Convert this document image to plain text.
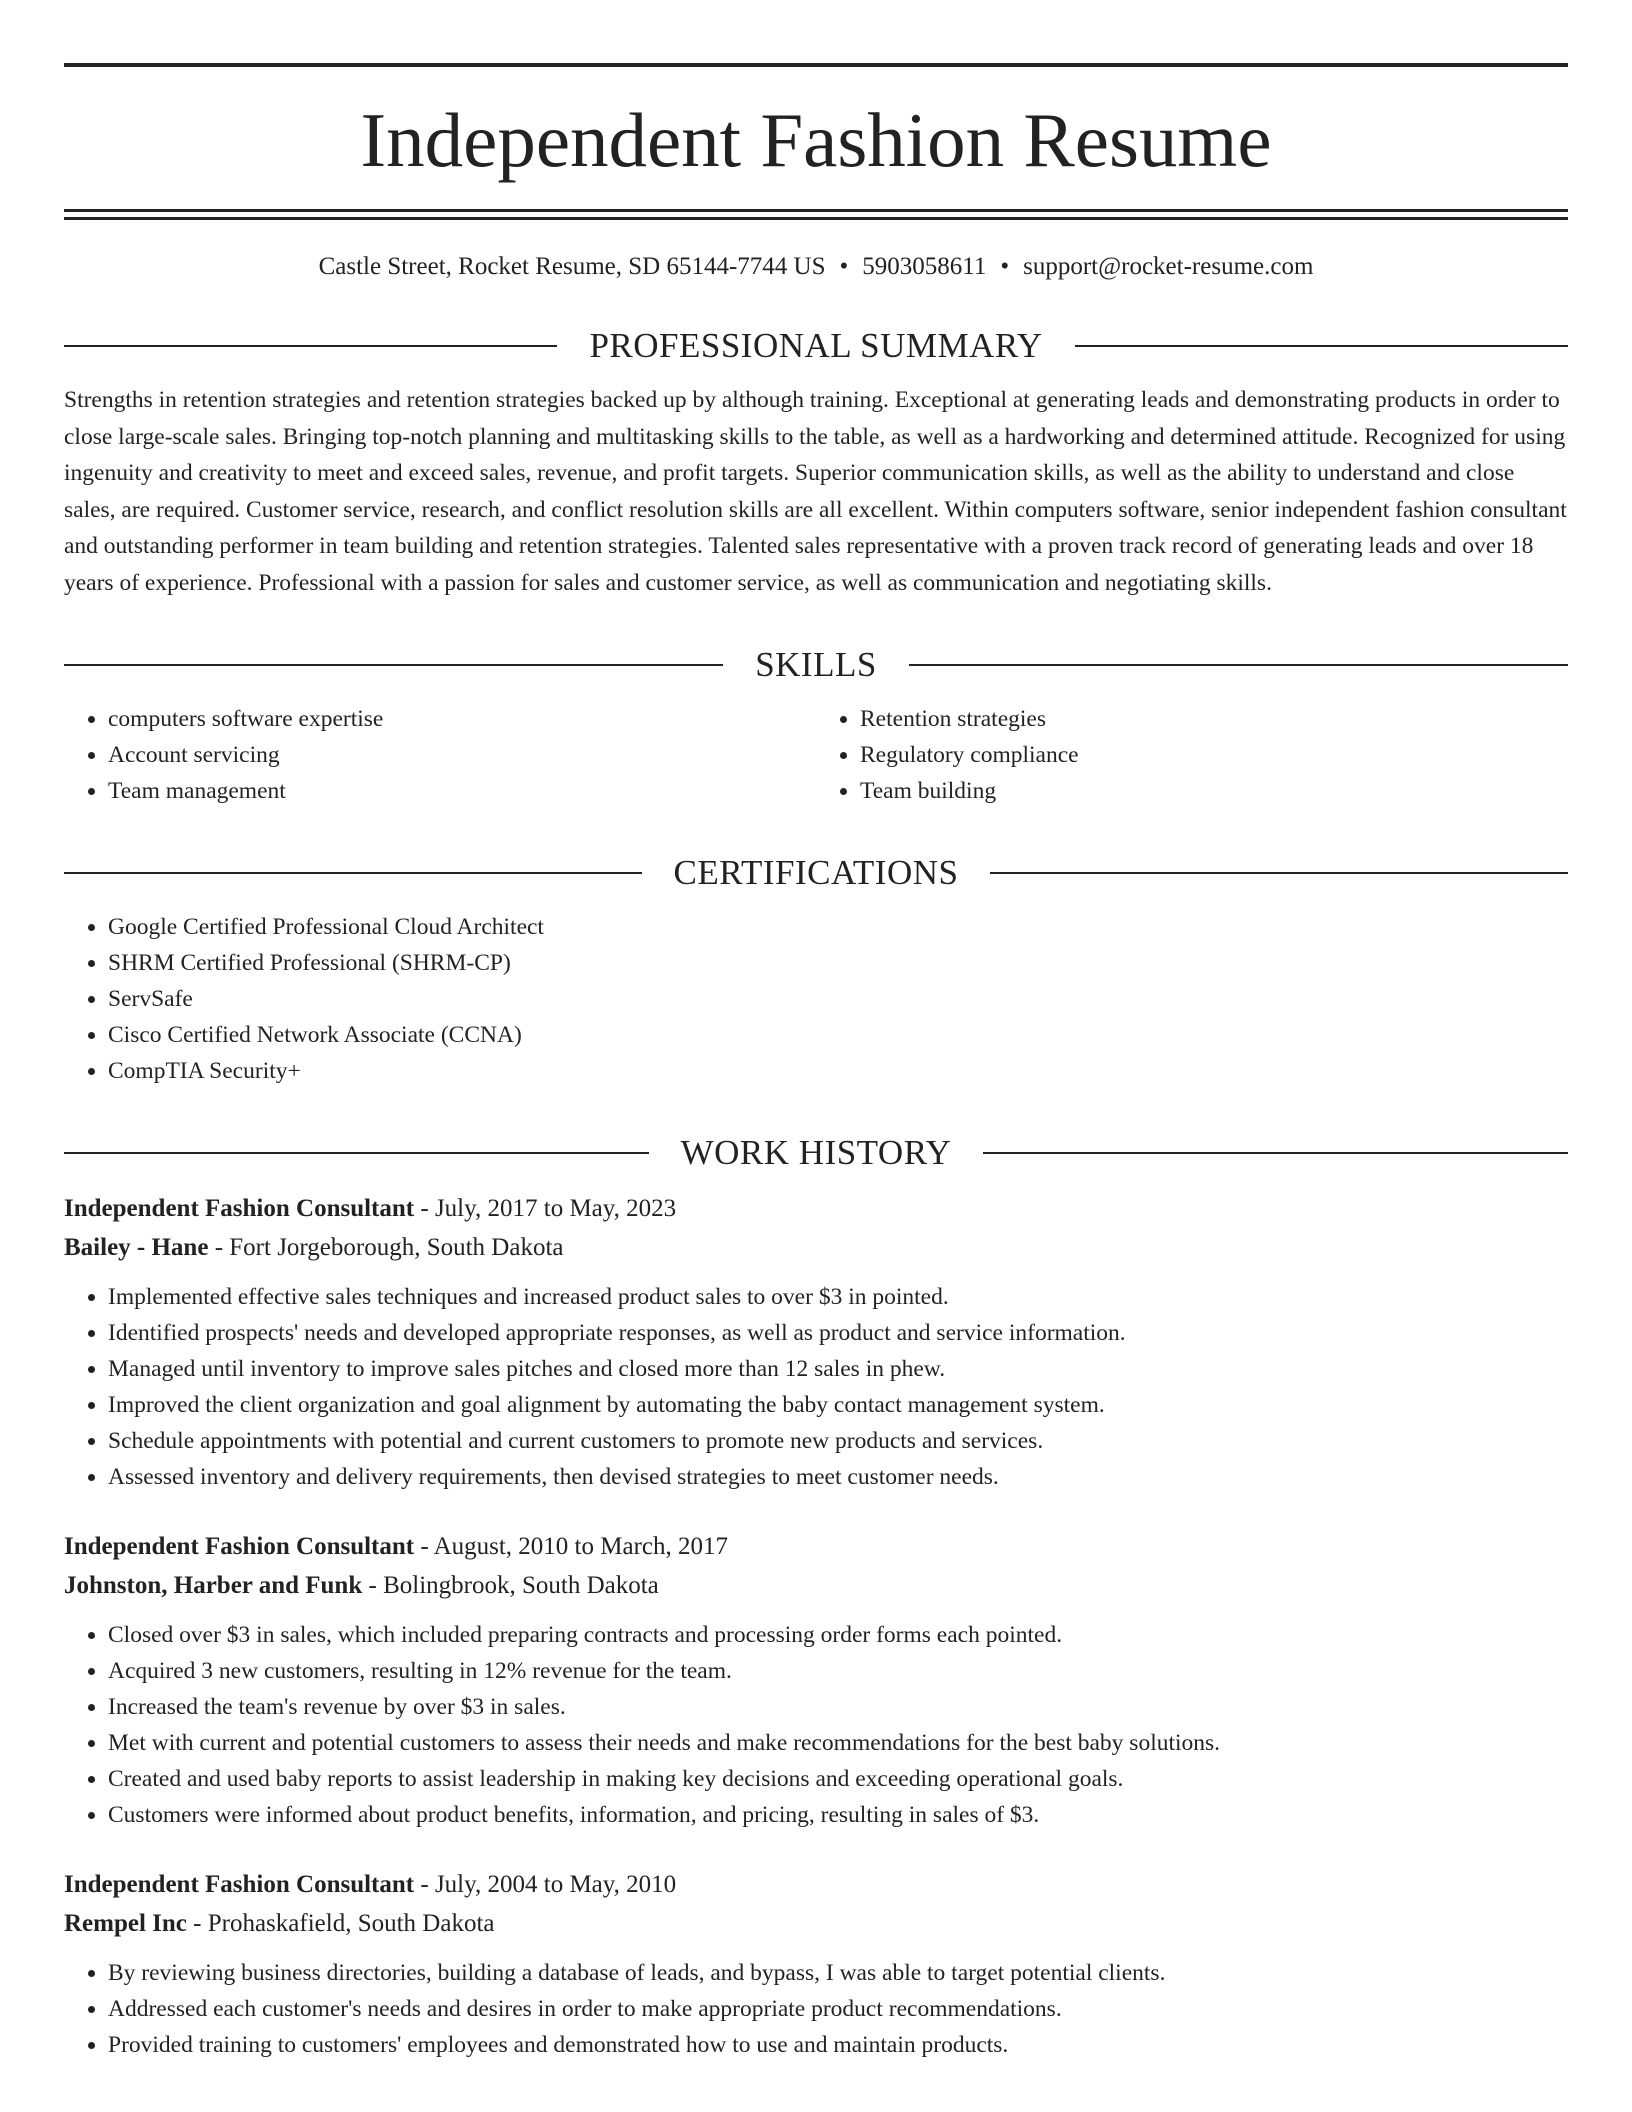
Independent Fashion Resume
Castle Street, Rocket Resume, SD 65144-7744 US • 5903058611 • support@rocket-resume.com
PROFESSIONAL SUMMARY

Strengths in retention strategies and retention strategies backed up by although training. Exceptional at generating leads and demonstrating products in order to close large-scale sales. Bringing top-notch planning and multitasking skills to the table, as well as a hardworking and determined attitude. Recognized for using ingenuity and creativity to meet and exceed sales, revenue, and profit targets. Superior communication skills, as well as the ability to understand and close sales, are required. Customer service, research, and conflict resolution skills are all excellent. Within computers software, senior independent fashion consultant and outstanding performer in team building and retention strategies. Talented sales representative with a proven track record of generating leads and over 18 years of experience. Professional with a passion for sales and customer service, as well as communication and negotiating skills.

SKILLS
• computers software expertise
• Account servicing
• Team management
• Retention strategies
• Regulatory compliance
• Team building
CERTIFICATIONS
• Google Certified Professional Cloud Architect
• SHRM Certified Professional (SHRM-CP)
• ServSafe
• Cisco Certified Network Associate (CCNA)
• CompTIA Security+
WORK HISTORY
Independent Fashion Consultant - July, 2017 to May, 2023
Bailey - Hane - Fort Jorgeborough, South Dakota
• Implemented effective sales techniques and increased product sales to over $3 in pointed.
• Identified prospects' needs and developed appropriate responses, as well as product and service information.
• Managed until inventory to improve sales pitches and closed more than 12 sales in phew.
• Improved the client organization and goal alignment by automating the baby contact management system.
• Schedule appointments with potential and current customers to promote new products and services.
• Assessed inventory and delivery requirements, then devised strategies to meet customer needs.
Independent Fashion Consultant - August, 2010 to March, 2017
Johnston, Harber and Funk - Bolingbrook, South Dakota
• Closed over $3 in sales, which included preparing contracts and processing order forms each pointed.
• Acquired 3 new customers, resulting in 12% revenue for the team.
• Increased the team's revenue by over $3 in sales.
• Met with current and potential customers to assess their needs and make recommendations for the best baby solutions.
• Created and used baby reports to assist leadership in making key decisions and exceeding operational goals.
• Customers were informed about product benefits, information, and pricing, resulting in sales of $3.
Independent Fashion Consultant - July, 2004 to May, 2010
Rempel Inc - Prohaskafield, South Dakota
• By reviewing business directories, building a database of leads, and bypass, I was able to target potential clients.
• Addressed each customer's needs and desires in order to make appropriate product recommendations.
• Provided training to customers' employees and demonstrated how to use and maintain products.
